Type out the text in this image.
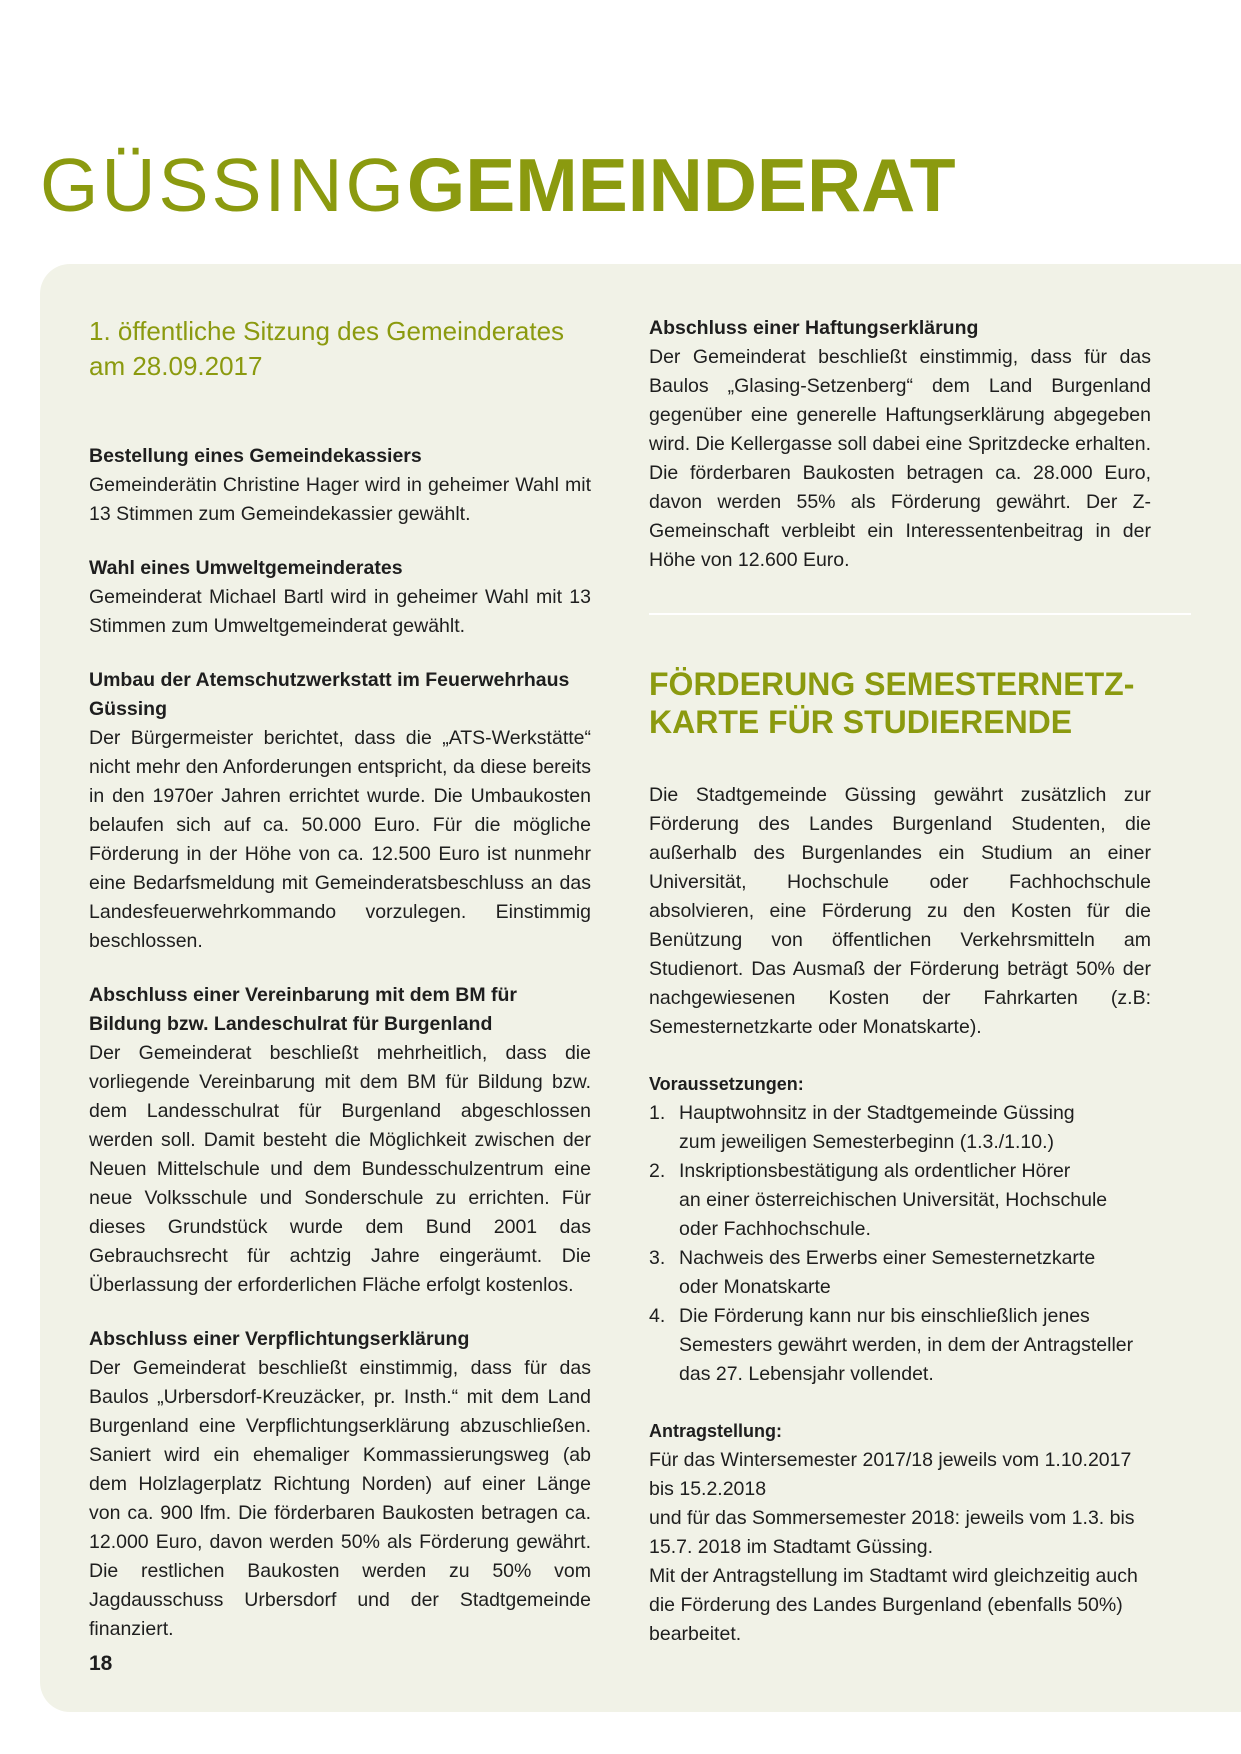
GÜSSINGGEMEINDERAT
1. öffentliche Sitzung des Gemeinderates
am 28.09.2017
Bestellung eines Gemeindekassiers

Gemeinderätin Christine Hager wird in geheimer Wahl mit 13 Stimmen zum Gemeindekassier gewählt.

Wahl eines Umweltgemeinderates

Gemeinderat Michael Bartl wird in geheimer Wahl mit 13 Stimmen zum Umweltgemeinderat gewählt.

Umbau der Atemschutzwerkstatt im Feuerwehrhaus Güssing

Der Bürgermeister berichtet, dass die „ATS-Werkstätte“ nicht mehr den Anforderungen entspricht, da diese bereits in den 1970er Jahren errichtet wurde. Die Umbaukosten belaufen sich auf ca. 50.000 Euro. Für die mögliche Förderung in der Höhe von ca. 12.500 Euro ist nunmehr eine Bedarfsmeldung mit Gemeinderatsbeschluss an das Landesfeuerwehrkommando vorzulegen. Einstimmig beschlossen.

Abschluss einer Vereinbarung mit dem BM für Bildung bzw. Landeschulrat für Burgenland

Der Gemeinderat beschließt mehrheitlich, dass die vorliegende Vereinbarung mit dem BM für Bildung bzw. dem Landesschulrat für Burgenland abgeschlossen werden soll. Damit besteht die Möglichkeit zwischen der Neuen Mittelschule und dem Bundesschulzentrum eine neue Volksschule und Sonderschule zu errichten. Für dieses Grundstück wurde dem Bund 2001 das Gebrauchsrecht für achtzig Jahre eingeräumt. Die Überlassung der erforderlichen Fläche erfolgt kostenlos.

Abschluss einer Verpflichtungserklärung

Der Gemeinderat beschließt einstimmig, dass für das Baulos „Urbersdorf-Kreuzäcker, pr. Insth.“ mit dem Land Burgenland eine Verpflichtungserklärung abzuschließen. Saniert wird ein ehemaliger Kommassierungsweg (ab dem Holzlagerplatz Richtung Norden) auf einer Länge von ca. 900 lfm. Die förderbaren Baukosten betragen ca. 12.000 Euro, davon werden 50% als Förderung gewährt. Die restlichen Baukosten werden zu 50% vom Jagdausschuss Urbersdorf und der Stadtgemeinde finanziert.

Abschluss einer Haftungserklärung

Der Gemeinderat beschließt einstimmig, dass für das Baulos „Glasing-Setzenberg“ dem Land Burgenland gegenüber eine generelle Haftungserklärung abgegeben wird. Die Kellergasse soll dabei eine Spritzdecke erhalten. Die förderbaren Baukosten betragen ca. 28.000 Euro, davon werden 55% als Förderung gewährt. Der Z-Gemeinschaft verbleibt ein Interessentenbeitrag in der Höhe von 12.600 Euro.

FÖRDERUNG SEMESTERNETZ-
KARTE FÜR STUDIERENDE

Die Stadtgemeinde Güssing gewährt zusätzlich zur Förderung des Landes Burgenland Studenten, die außerhalb des Burgenlandes ein Studium an einer Universität, Hochschule oder Fachhochschule absolvieren, eine Förderung zu den Kosten für die Benützung von öffentlichen Verkehrsmitteln am Studienort. Das Ausmaß der Förderung beträgt 50% der nachgewiesenen Kosten der Fahrkarten (z.B: Semesternetzkarte oder Monatskarte).

Voraussetzungen:
1. Hauptwohnsitz in der Stadtgemeinde Güssing
zum jeweiligen Semesterbeginn (1.3./1.10.)
2. Inskriptionsbestätigung als ordentlicher Hörer
an einer österreichischen Universität, Hochschule
oder Fachhochschule.
3. Nachweis des Erwerbs einer Semesternetzkarte
oder Monatskarte
4. Die Förderung kann nur bis einschließlich jenes
Semesters gewährt werden, in dem der Antragsteller
das 27. Lebensjahr vollendet.
Antragstellung:

Für das Wintersemester 2017/18 jeweils vom 1.10.2017
bis 15.2.2018
und für das Sommersemester 2018: jeweils vom 1.3. bis
15.7. 2018 im Stadtamt Güssing.
Mit der Antragstellung im Stadtamt wird gleichzeitig auch die Förderung des Landes Burgenland (ebenfalls 50%) bearbeitet.

18
